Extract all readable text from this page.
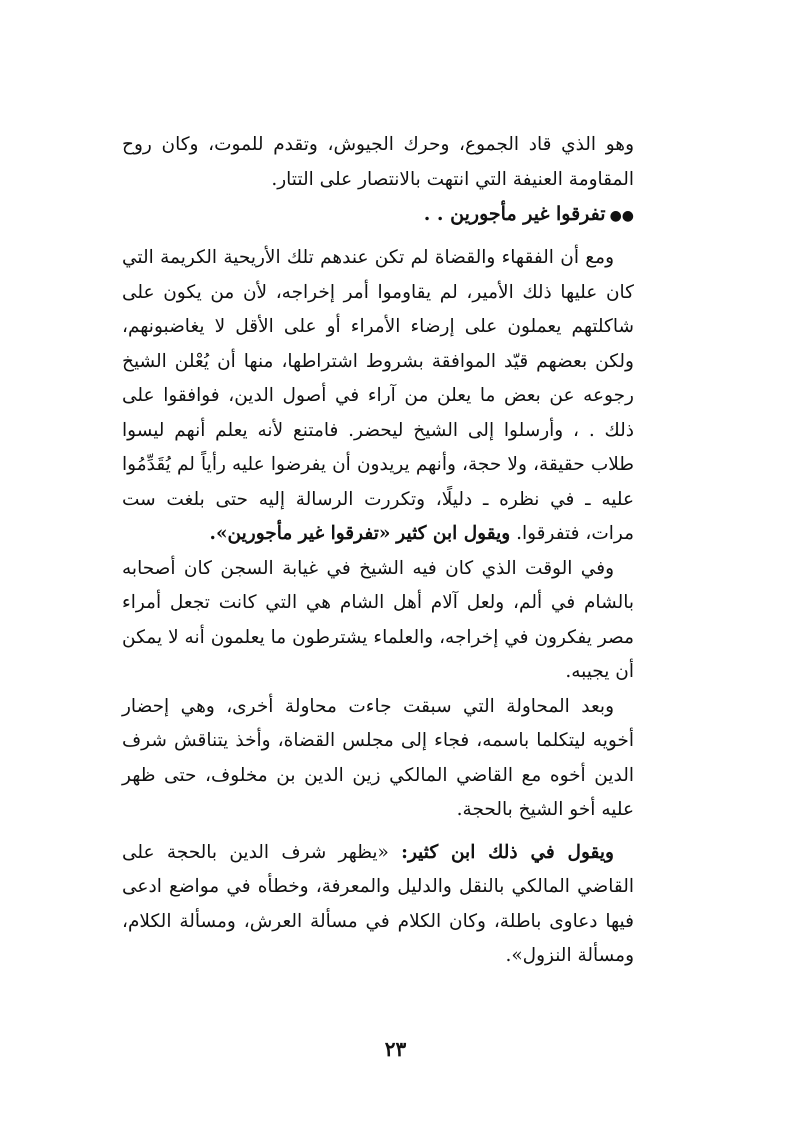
وهو الذي قاد الجموع، وحرك الجيوش، وتقدم للموت، وكان روح المقاومة العنيفة التي انتهت بالانتصار على التتار.

●●تفرقوا غير مأجورين . .

ومع أن الفقهاء والقضاة لم تكن عندهم تلك الأريحية الكريمة التي كان عليها ذلك الأمير، لم يقاوموا أمر إخراجه، لأن من يكون على شاكلتهم يعملون على إرضاء الأمراء أو على الأقل لا يغاضبونهم، ولكن بعضهم قيّد الموافقة بشروط اشتراطها، منها أن يُعْلن الشيخ رجوعه عن بعض ما يعلن من آراء في أصول الدين، فوافقوا على ذلك . ، وأرسلوا إلى الشيخ ليحضر. فامتنع لأنه يعلم أنهم ليسوا طلاب حقيقة، ولا حجة، وأنهم يريدون أن يفرضوا عليه رأياً لم يُقَدِّمُوا عليه ـ في نظره ـ دليلًا، وتكررت الرسالة إليه حتى بلغت ست مرات، فتفرقوا. ويقول ابن كثير «تفرقوا غير مأجورين».

وفي الوقت الذي كان فيه الشيخ في غيابة السجن كان أصحابه بالشام في ألم، ولعل آلام أهل الشام هي التي كانت تجعل أمراء مصر يفكرون في إخراجه، والعلماء يشترطون ما يعلمون أنه لا يمكن أن يجيبه.

وبعد المحاولة التي سبقت جاءت محاولة أخرى، وهي إحضار أخويه ليتكلما باسمه، فجاء إلى مجلس القضاة، وأخذ يتناقش شرف الدين أخوه مع القاضي المالكي زين الدين بن مخلوف، حتى ظهر عليه أخو الشيخ بالحجة.

ويقول في ذلك ابن كثير: «يظهر شرف الدين بالحجة على القاضي المالكي بالنقل والدليل والمعرفة، وخطأه في مواضع ادعى فيها دعاوى باطلة، وكان الكلام في مسألة العرش، ومسألة الكلام، ومسألة النزول».

٢٣
